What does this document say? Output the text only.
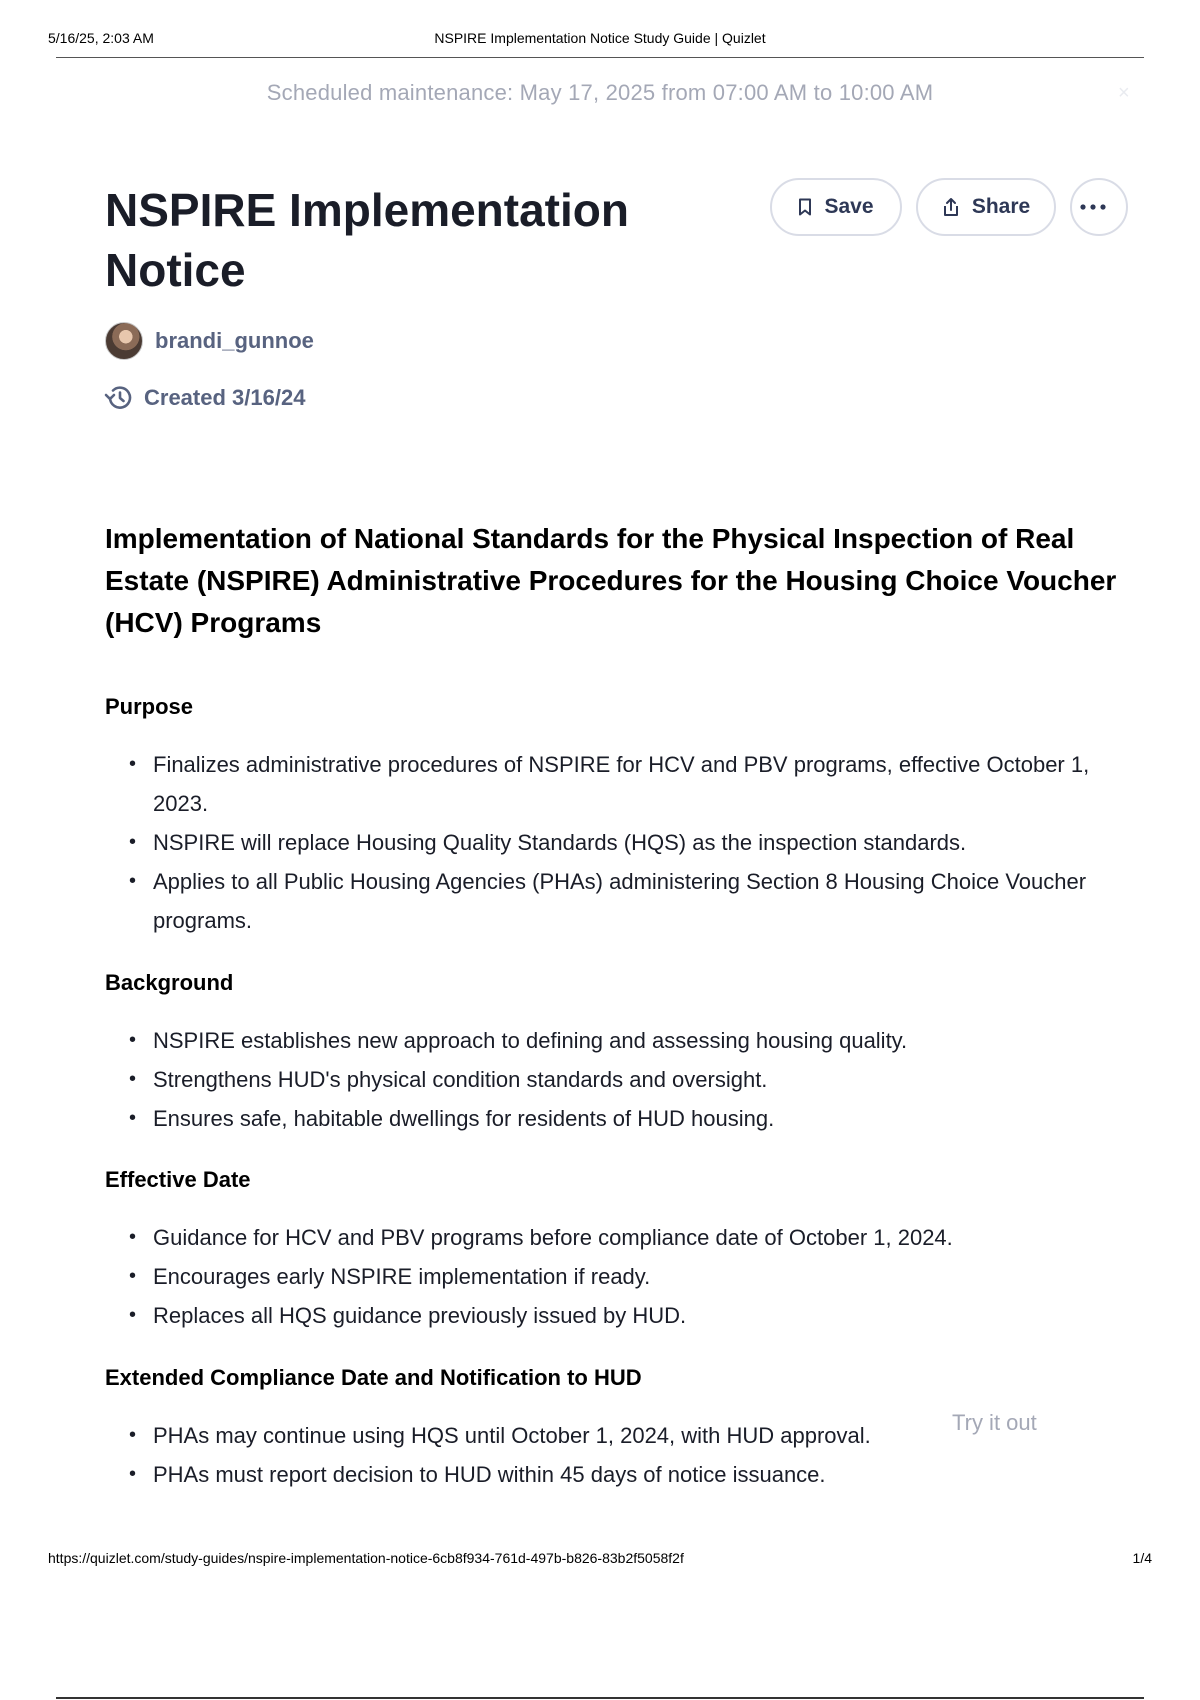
5/16/25, 2:03 AM	NSPIRE Implementation Notice Study Guide | Quizlet
Scheduled maintenance: May 17, 2025 from 07:00 AM to 10:00 AM	×
NSPIRE Implementation Notice
Save	Share
brandi_gunnoe
Created 3/16/24
Implementation of National Standards for the Physical Inspection of Real Estate (NSPIRE) Administrative Procedures for the Housing Choice Voucher (HCV) Programs
Purpose
• Finalizes administrative procedures of NSPIRE for HCV and PBV programs, effective October 1, 2023.
• NSPIRE will replace Housing Quality Standards (HQS) as the inspection standards.
• Applies to all Public Housing Agencies (PHAs) administering Section 8 Housing Choice Voucher programs.
Background
• NSPIRE establishes new approach to defining and assessing housing quality.
• Strengthens HUD's physical condition standards and oversight.
• Ensures safe, habitable dwellings for residents of HUD housing.
Effective Date
• Guidance for HCV and PBV programs before compliance date of October 1, 2024.
• Encourages early NSPIRE implementation if ready.
• Replaces all HQS guidance previously issued by HUD.
Extended Compliance Date and Notification to HUD
• PHAs may continue using HQS until October 1, 2024, with HUD approval.
• PHAs must report decision to HUD within 45 days of notice issuance.
Try it out
https://quizlet.com/study-guides/nspire-implementation-notice-6cb8f934-761d-497b-b826-83b2f5058f2f	1/4
